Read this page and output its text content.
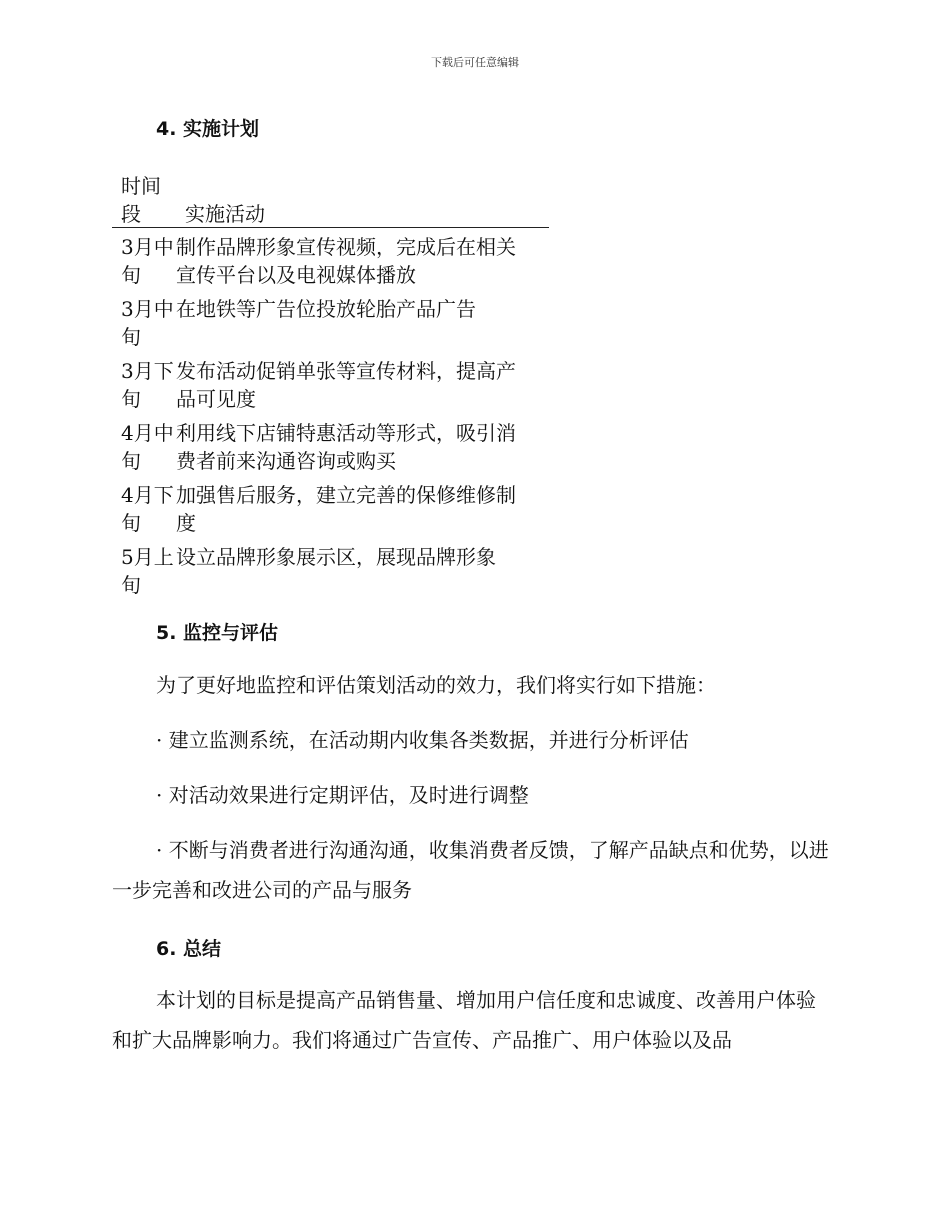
下载后可任意编辑
4. 实施计划
时间段	实施活动
3月中旬
制作品牌形象宣传视频，完成后在相关宣传平台以及电视媒体播放
3月中旬
在地铁等广告位投放轮胎产品广告
3月下旬
发布活动促销单张等宣传材料，提高产品可见度
4月中旬
利用线下店铺特惠活动等形式，吸引消费者前来沟通咨询或购买
4月下旬
加强售后服务，建立完善的保修维修制度
5月上旬
设立品牌形象展示区，展现品牌形象
5. 监控与评估

为了更好地监控和评估策划活动的效力，我们将实行如下措施：

· 建立监测系统，在活动期内收集各类数据，并进行分析评估

· 对活动效果进行定期评估，及时进行调整

· 不断与消费者进行沟通沟通，收集消费者反馈，了解产品缺点和优势，以进一步完善和改进公司的产品与服务

6. 总结

本计划的目标是提高产品销售量、增加用户信任度和忠诚度、改善用户体验和扩大品牌影响力。我们将通过广告宣传、产品推广、用户体验以及品
